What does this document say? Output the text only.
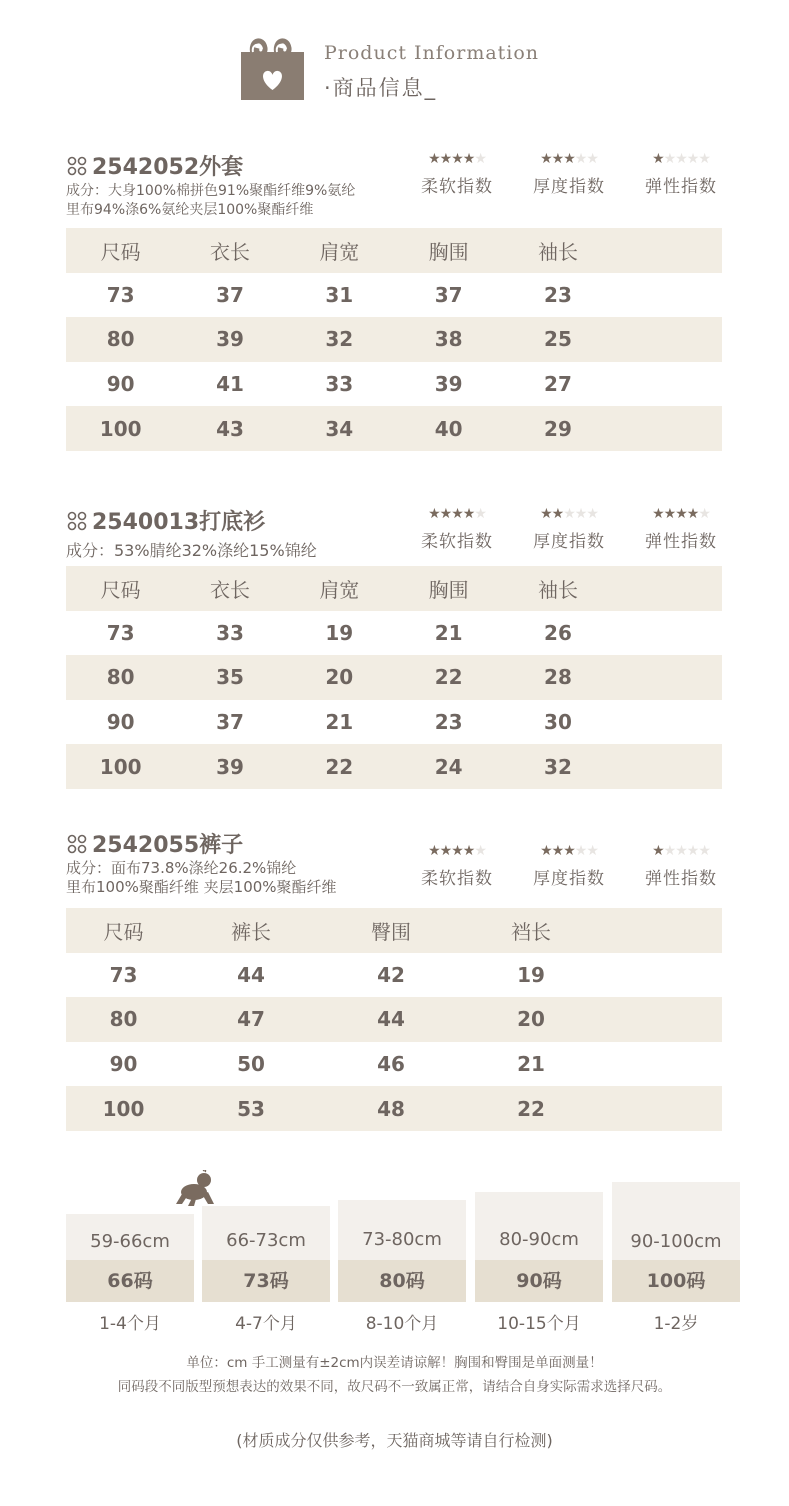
Product Information
·商品信息_
2542052外套
成分：大身100%棉拼色91%聚酯纤维9%氨纶
里布94%涤6%氨纶夹层100%聚酯纤维
★★★★★
柔软指数
★★★★★
厚度指数
★★★★★
弹性指数
尺码	衣长	肩宽	胸围	袖长	
73	37	31	37	23	
80	39	32	38	25	
90	41	33	39	27	
100	43	34	40	29	
2540013打底衫
成分：53%腈纶32%涤纶15%锦纶
★★★★★
柔软指数
★★★★★
厚度指数
★★★★★
弹性指数
尺码	衣长	肩宽	胸围	袖长	
73	33	19	21	26	
80	35	20	22	28	
90	37	21	23	30	
100	39	22	24	32	
2542055裤子
成分：面布73.8%涤纶26.2%锦纶
里布100%聚酯纤维 夹层100%聚酯纤维
★★★★★
柔软指数
★★★★★
厚度指数
★★★★★
弹性指数
尺码	裤长	臀围	裆长	
73	44	42	19	
80	47	44	20	
90	50	46	21	
100	53	48	22	
59-66cm
66码
1-4个月
66-73cm
73码
4-7个月
73-80cm
80码
8-10个月
80-90cm
90码
10-15个月
90-100cm
100码
1-2岁
单位：cm 手工测量有±2cm内误差请谅解！胸围和臀围是单面测量！
同码段不同版型预想表达的效果不同，故尺码不一致属正常，请结合自身实际需求选择尺码。
(材质成分仅供参考，天猫商城等请自行检测)
